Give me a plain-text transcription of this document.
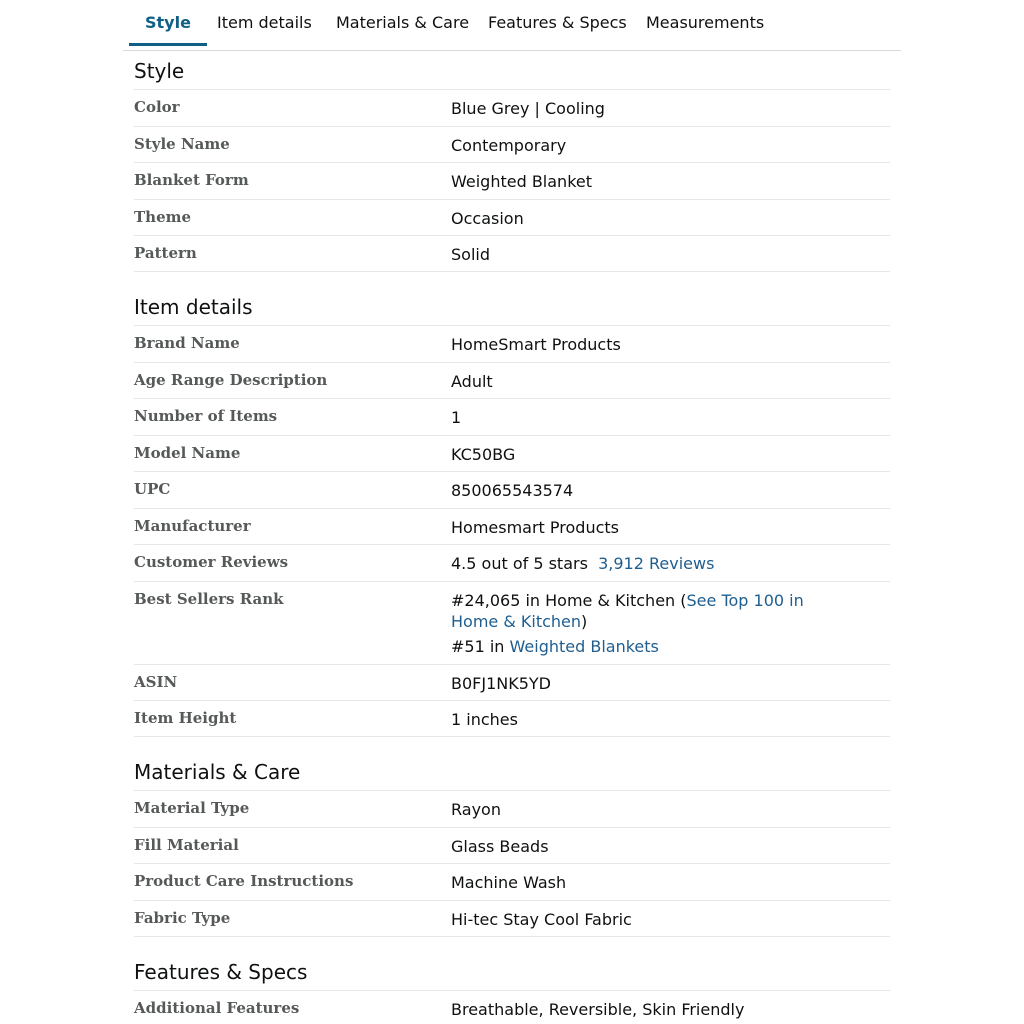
Style	Item details Materials & Care Features & Specs Measurements
Style
Color	Blue Grey | Cooling
Style Name	Contemporary
Blanket Form	Weighted Blanket
Theme	Occasion
Pattern	Solid
Item details
Brand Name	HomeSmart Products
Age Range Description	Adult
Number of Items	1
Model Name	KC50BG
UPC	850065543574
Manufacturer	Homesmart Products
Customer Reviews	4.5 out of 5 stars 3,912 Reviews
Best Sellers Rank	#24,065 in Home & Kitchen (See Top 100 in Home & Kitchen)
#51 in Weighted Blankets
ASIN	B0FJ1NK5YD
Item Height	1 inches
Materials & Care
Material Type	Rayon
Fill Material	Glass Beads
Product Care Instructions	Machine Wash
Fabric Type	Hi-tec Stay Cool Fabric
Features & Specs
Additional Features	Breathable, Reversible, Skin Friendly
